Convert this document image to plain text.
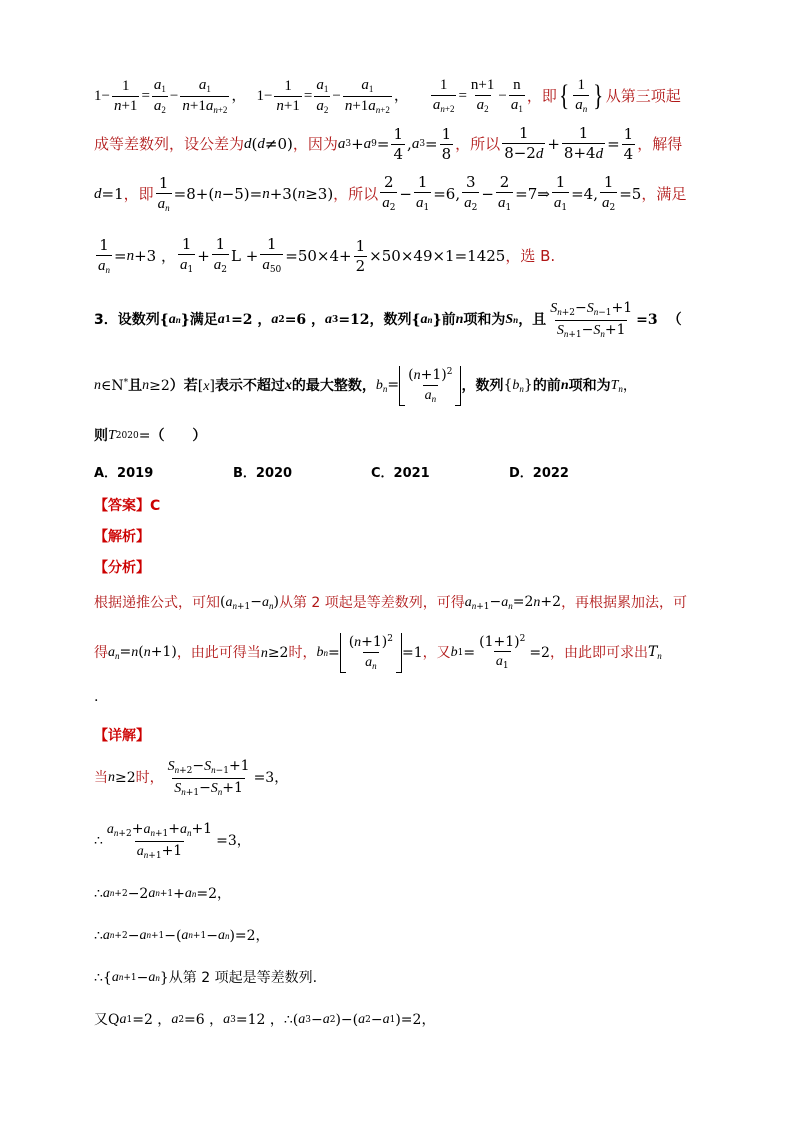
$1- \frac{1}{n+1} = \frac{a_1}{a_2} - \frac{a_1}{n+1a_{n+2}}$ ， $1- \frac{1}{n+1} = \frac{a_1}{a_2} - \frac{a_1}{n+1a_{n+2}}$ ， $\frac{1}{a_{n+2}} = \frac{n+1}{a_2} - \frac{n}{a_1}$ ，即 { 1
$a_n$ } 从第三项起
成等差数列，设公差为 d ( d ≠0) ，因为 a 3 + a 9 =
1
4
, a 3 =
1
8
，所以
1
8−2d
+
1
8+4d
=
1
4
，解得
d =1 ，即
1
$a_n$
=8+( n −5)= n +3( n ≥3) ，所以
2
$a_2$
−
1
$a_1$
=6,
3
$a_2$
−
2
$a_1$
=7⇒
1
$a_1$
=4,
1
$a_2$
=5 ，满足
1
$a_n$
= n +3 ，
1
$a_1$
+
1
$a_2$
L +
1
$a_{50}$
=50×4+
1
2
×50×49×1=1425 ，选 B.
3． 设数列 { a n } 满足 a 1 =2 ， a 2 =6 ， a 3 =12 ，数列 { a n } 前 n 项和为 S n ，且
$S_{n+2}-S_{n-1}+1$
$S_{n+1}-S_n+1$
=3 （
n ∈N* 且 n ≥2 ）若 [x] 表示不超过 x 的最大整数， $b_n=$
$(n+1)^2$
$a_n$
，数列 $\{b_n\}$ 的前 n 项和为 $T_n$ ，
则 T 2020 = （　　）
A．2019	B．2020	C．2021	D．2022
【答案】C
【解析】
【分析】
根据递推公式，可知 $(a_{n+1}-a_n)$ 从第 2 项起是等差数列，可得 $a_{n+1}-a_n=2n+2$ ，再根据累加法，可
得 $a_n=n(n+1)$ ，由此可得当 n≥2 时， b n =
$(n+1)^2$
$a_n$
=1 ，又 b 1 =
$(1+1)^2$
$a_1$
=2 ，由此即可求出 $T_n$
.
【详解】
当 n ≥2 时，
$S_{n+2}-S_{n-1}+1$
$S_{n+1}-S_n+1$
=3 ，
∴
$a_{n+2}+a_{n+1}+a_n+1$
$a_{n+1}+1$
=3 ，
∴ a n+2 −2 a n+1 + a n =2 ，
∴ a n+2 − a n+1 −( a n+1 − a n )=2 ，
∴ { a n+1 − a n } 从第 2 项起是等差数列.
又 Q a 1 =2 ， a 2 =6 ， a 3 =12 ， ∴ ( a 3 − a 2 )−( a 2 − a 1 )=2 ，
